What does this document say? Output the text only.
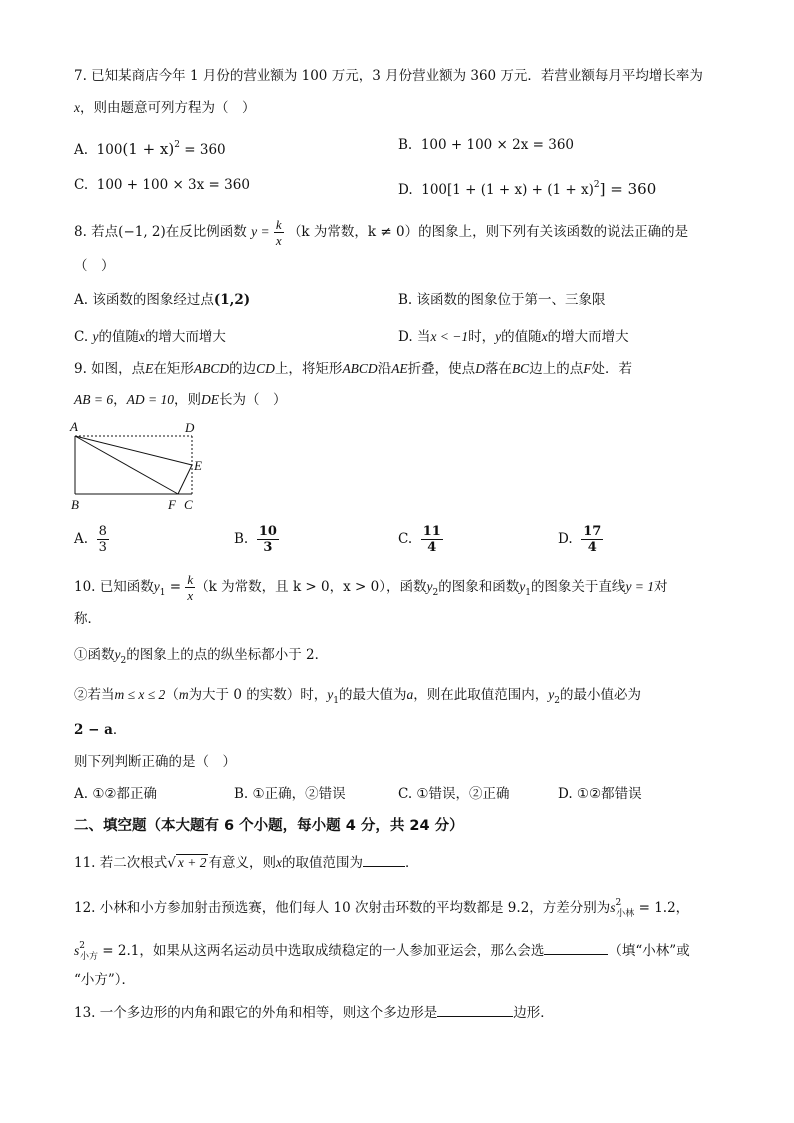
7. 已知某商店今年 1 月份的营业额为 100 万元，3 月份营业额为 360 万元．若营业额每月平均增长率为
x，则由题意可列方程为（　）
A. $100(1 + x)^2 = 360$	B. 100 + 100 × 2x = 360
C. 100 + 100 × 3x = 360	D. $100[1 + (1 + x) + (1 + x)^2] = 360$
8. 若点(−1, 2)在反比例函数 $y = \frac{k}{x} (k$ 为常数，k ≠ 0）的图象上，则下列有关该函数的说法正确的是
（　）
A. 该函数的图象经过点(1,2)	B. 该函数的图象位于第一、三象限
C. y的值随x的增大而增大	D. 当x < −1时，y的值随x的增大而增大
9. 如图，点E在矩形ABCD的边CD上，将矩形ABCD沿AE折叠，使点D落在BC边上的点F处．若
AB = 6，AD = 10，则DE长为（　）
A	D
B	F C
E
A. $\frac{8}{3}$	B. $\frac{10}{3}$	C. $\frac{11}{4}$	D. $\frac{17}{4}$
10. 已知函数$y_1 = \frac{k}{x} (k$ 为常数，且 k > 0，x > 0），函数$y_2$的图象和函数$y_1$的图象关于直线y = 1对
称．
①函数$y_2$的图象上的点的纵坐标都小于 2．
②若当m ≤ x ≤ 2（m为大于 0 的实数）时，$y_1$的最大值为a，则在此取值范围内，$y_2$的最小值必为
2 − a．
则下列判断正确的是（　）
A. ①②都正确	B. ①正确，②错误	C. ①错误，②正确	D. ①②都错误
二、填空题（本大题有 6 个小题，每小题 4 分，共 24 分）
11. 若二次根式√ x + 2 有意义，则x的取值范围为	．
12. 小林和小方参加射击预选赛，他们每人 10 次射击环数的平均数都是 9.2，方差分别为$s^2_{小林} = 1.2$，
$s^2_{小方} = 2.1$，如果从这两名运动员中选取成绩稳定的一人参加亚运会，那么会选	（填“小林”或
“小方”）．
13. 一个多边形的内角和跟它的外角和相等，则这个多边形是	边形．
